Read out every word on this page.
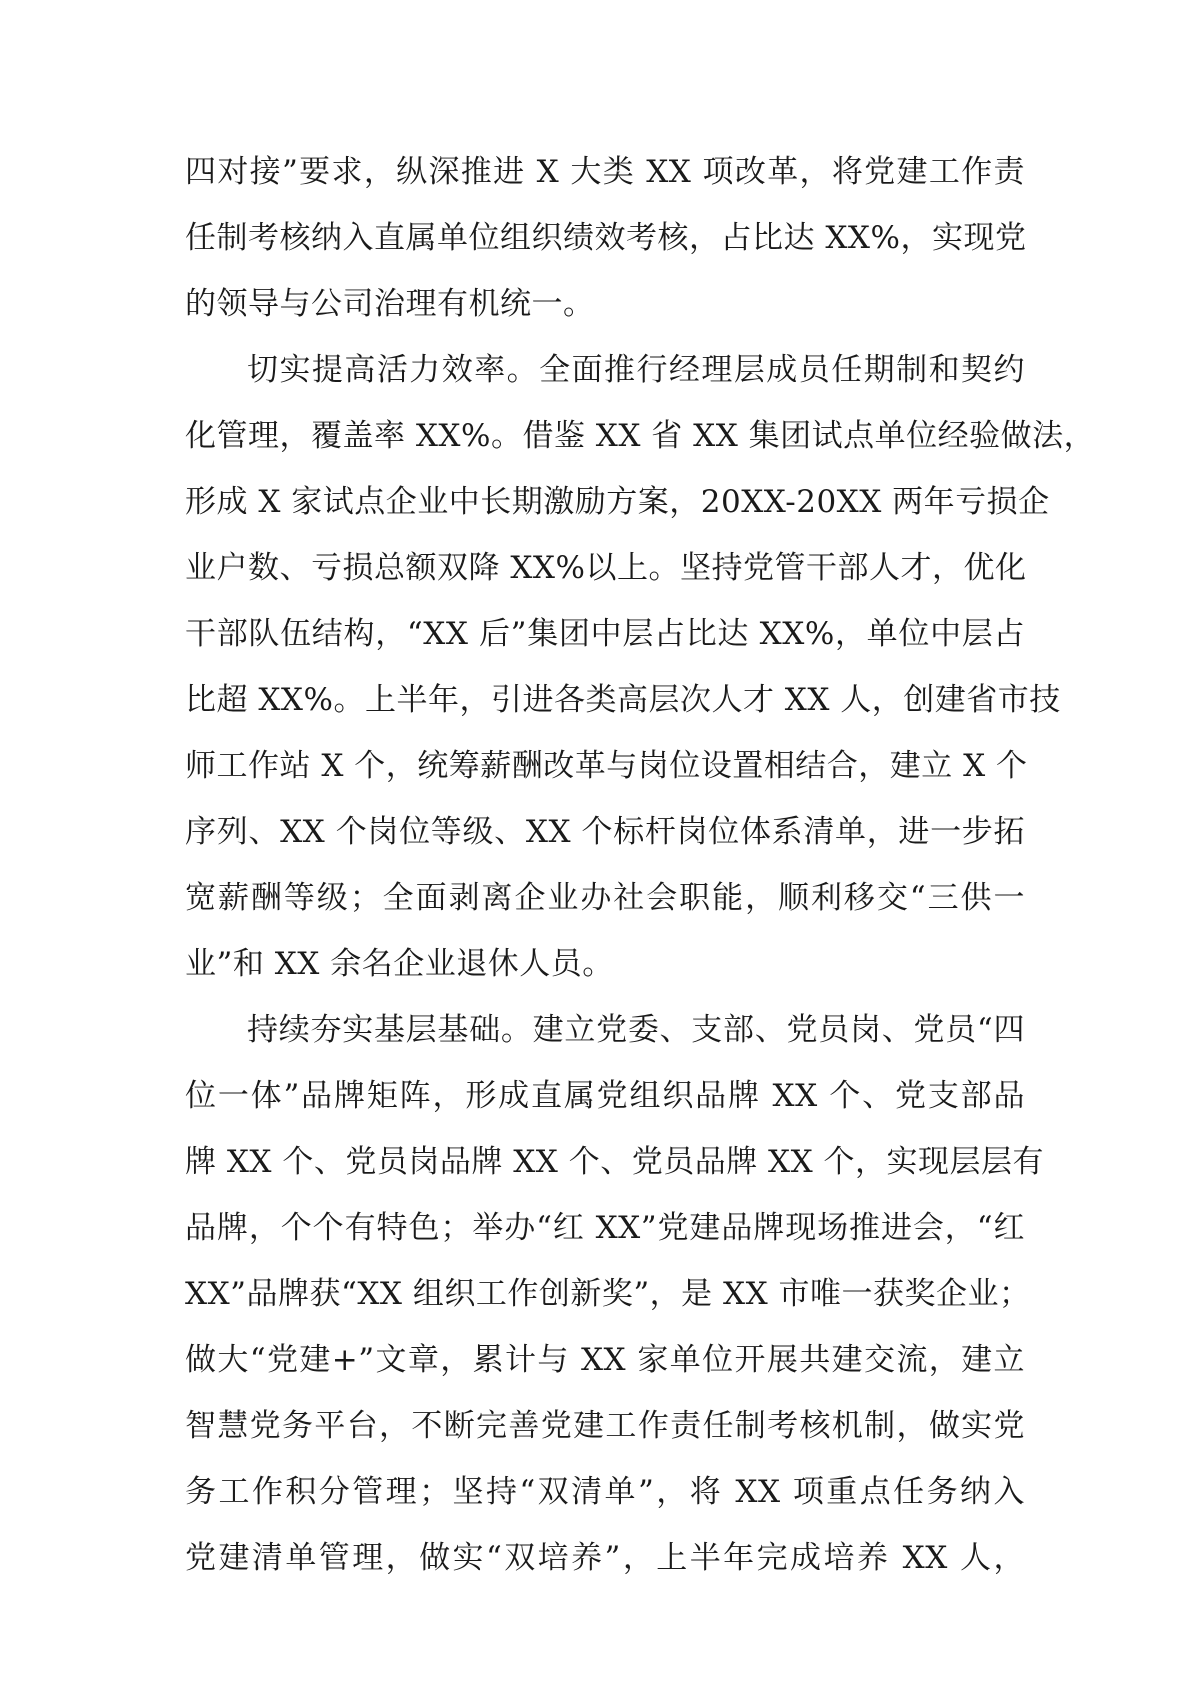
四对接”要求，纵深推进 X 大类 XX 项改革，将党建工作责
任制考核纳入直属单位组织绩效考核，占比达 XX%，实现党
的领导与公司治理有机统一。
切实提高活力效率。全面推行经理层成员任期制和契约
化管理，覆盖率 XX%。借鉴 XX 省 XX 集团试点单位经验做法，
形成 X 家试点企业中长期激励方案，20XX-20XX 两年亏损企
业户数、亏损总额双降 XX%以上。坚持党管干部人才，优化
干部队伍结构，“XX 后”集团中层占比达 XX%，单位中层占
比超 XX%。上半年，引进各类高层次人才 XX 人，创建省市技
师工作站 X 个，统筹薪酬改革与岗位设置相结合，建立 X 个
序列、XX 个岗位等级、XX 个标杆岗位体系清单，进一步拓
宽薪酬等级；全面剥离企业办社会职能，顺利移交“三供一
业”和 XX 余名企业退休人员。
持续夯实基层基础。建立党委、支部、党员岗、党员“四
位一体”品牌矩阵，形成直属党组织品牌 XX 个、党支部品
牌 XX 个、党员岗品牌 XX 个、党员品牌 XX 个，实现层层有
品牌，个个有特色；举办“红 XX”党建品牌现场推进会，“红
XX”品牌获“XX 组织工作创新奖”，是 XX 市唯一获奖企业；
做大“党建+”文章，累计与 XX 家单位开展共建交流，建立
智慧党务平台，不断完善党建工作责任制考核机制，做实党
务工作积分管理；坚持“双清单”，将 XX 项重点任务纳入
党建清单管理，做实“双培养”，上半年完成培养 XX 人，
